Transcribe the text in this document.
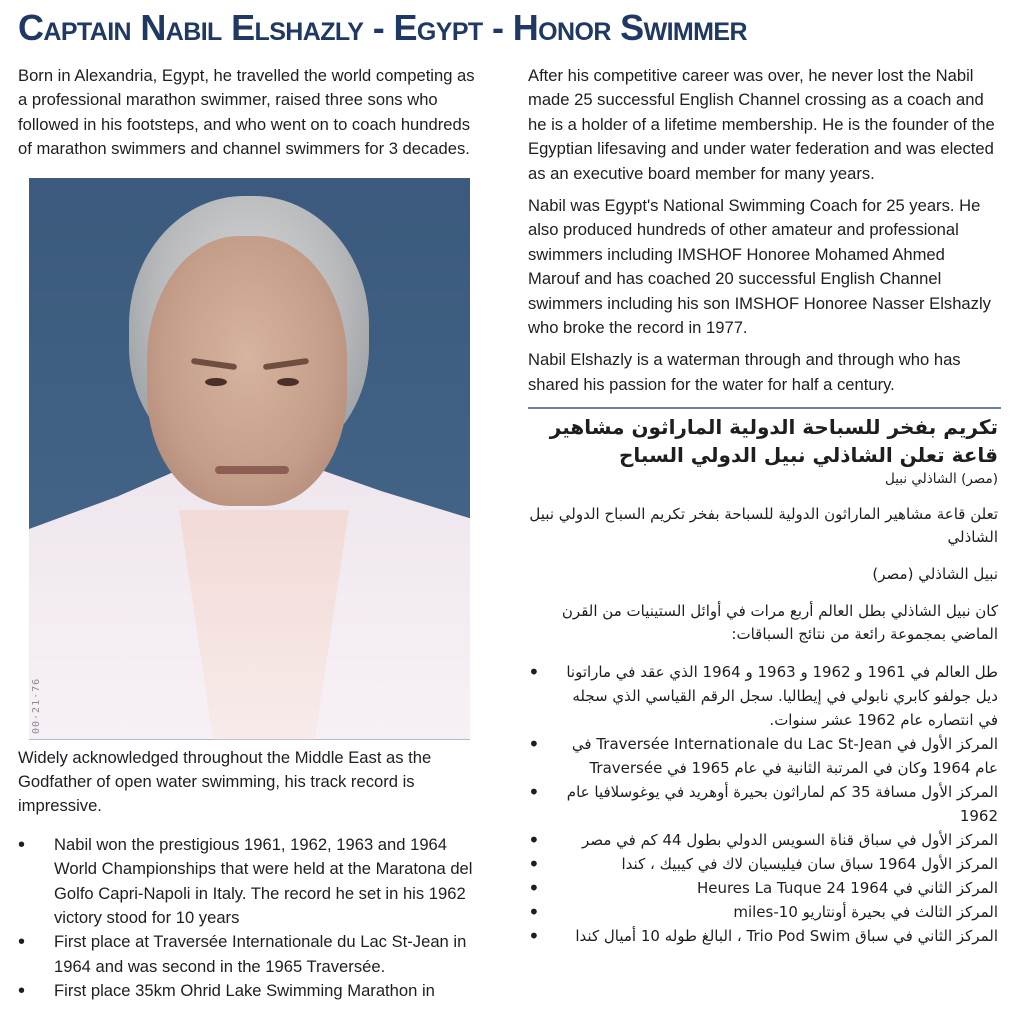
Captain Nabil Elshazly - Egypt - Honor Swimmer

Born in Alexandria, Egypt, he travelled the world competing as a professional marathon swimmer, raised three sons who followed in his footsteps, and who went on to coach hundreds of marathon swimmers and channel swimmers for 3 decades.

00·21·76

Widely acknowledged throughout the Middle East as the Godfather of open water swimming, his track record is impressive.

• Nabil won the prestigious 1961, 1962, 1963 and 1964 World Championships that were held at the Maratona del Golfo Capri-Napoli in Italy. The record he set in his 1962 victory stood for 10 years
• First place at Traversée Internationale du Lac St-Jean in 1964 and was second in the 1965 Traversée.
• First place 35km Ohrid Lake Swimming Marathon in

After his competitive career was over, he never lost the Nabil made 25 successful English Channel crossing as a coach and he is a holder of a lifetime membership. He is the founder of the Egyptian lifesaving and under water federation and was elected as an executive board member for many years.

Nabil was Egypt's National Swimming Coach for 25 years. He also produced hundreds of other amateur and professional swimmers including IMSHOF Honoree Mohamed Ahmed Marouf and has coached 20 successful English Channel swimmers including his son IMSHOF Honoree Nasser Elshazly who broke the record in 1977.

Nabil Elshazly is a waterman through and through who has shared his passion for the water for half a century.

تكريم بفخر للسباحة الدولية الماراثون مشاهير قاعة تعلن الشاذلي نبيل الدولي السباح
(مصر) الشاذلي نبيل
تعلن قاعة مشاهير الماراثون الدولية للسباحة بفخر تكريم السباح الدولي نبيل الشاذلي
نبيل الشاذلي (مصر)
كان نبيل الشاذلي بطل العالم أربع مرات في أوائل الستينيات من القرن الماضي بمجموعة رائعة من نتائج السباقات:
• طل العالم في 1961 و 1962 و 1963 و 1964 الذي عقد في ماراتونا ديل جولفو كابري نابولي في إيطاليا. سجل الرقم القياسي الذي سجله في انتصاره عام 1962 عشر سنوات.
• المركز الأول في Traversée Internationale du Lac St-Jean في عام 1964 وكان في المرتبة الثانية في عام 1965 في Traversée
• المركز الأول مسافة 35 كم لماراثون بحيرة أوهريد في يوغوسلافيا عام 1962
• المركز الأول في سباق قناة السويس الدولي بطول 44 كم في مصر
• المركز الأول 1964 سباق سان فيليسيان لاك في كيبيك ، كندا
• المركز الثاني في 1964 Heures La Tuque 24
• المركز الثالث في بحيرة أونتاريو 10-miles
• المركز الثاني في سباق Trio Pod Swim ، البالغ طوله 10 أميال كندا
